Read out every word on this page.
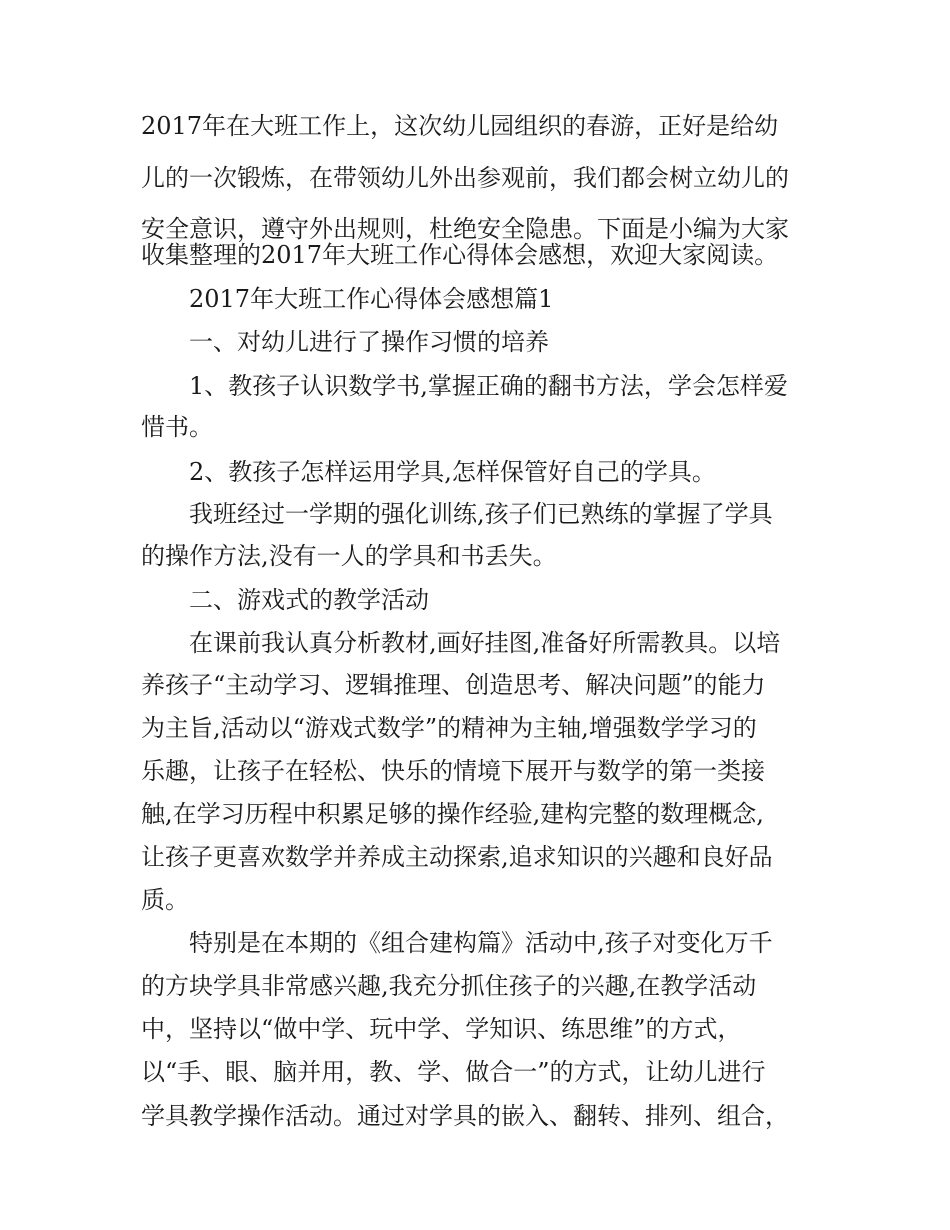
2017年在大班工作上，这次幼儿园组织的春游，正好是给幼
儿的一次锻炼，在带领幼儿外出参观前，我们都会树立幼儿的
安全意识，遵守外出规则，杜绝安全隐患。下面是小编为大家
收集整理的2017年大班工作心得体会感想，欢迎大家阅读。
2017年大班工作心得体会感想篇1
一、对幼儿进行了操作习惯的培养
1、教孩子认识数学书,掌握正确的翻书方法，学会怎样爱
惜书。
2、教孩子怎样运用学具,怎样保管好自己的学具。
我班经过一学期的强化训练,孩子们已熟练的掌握了学具
的操作方法,没有一人的学具和书丢失。
二、游戏式的教学活动
在课前我认真分析教材,画好挂图,准备好所需教具。以培
养孩子“主动学习、逻辑推理、创造思考、解决问题”的能力
为主旨,活动以“游戏式数学”的精神为主轴,增强数学学习的
乐趣，让孩子在轻松、快乐的情境下展开与数学的第一类接
触,在学习历程中积累足够的操作经验,建构完整的数理概念,
让孩子更喜欢数学并养成主动探索,追求知识的兴趣和良好品
质。
特别是在本期的《组合建构篇》活动中,孩子对变化万千
的方块学具非常感兴趣,我充分抓住孩子的兴趣,在教学活动
中，坚持以“做中学、玩中学、学知识、练思维”的方式，
以“手、眼、脑并用，教、学、做合一”的方式，让幼儿进行
学具教学操作活动。通过对学具的嵌入、翻转、排列、组合，
